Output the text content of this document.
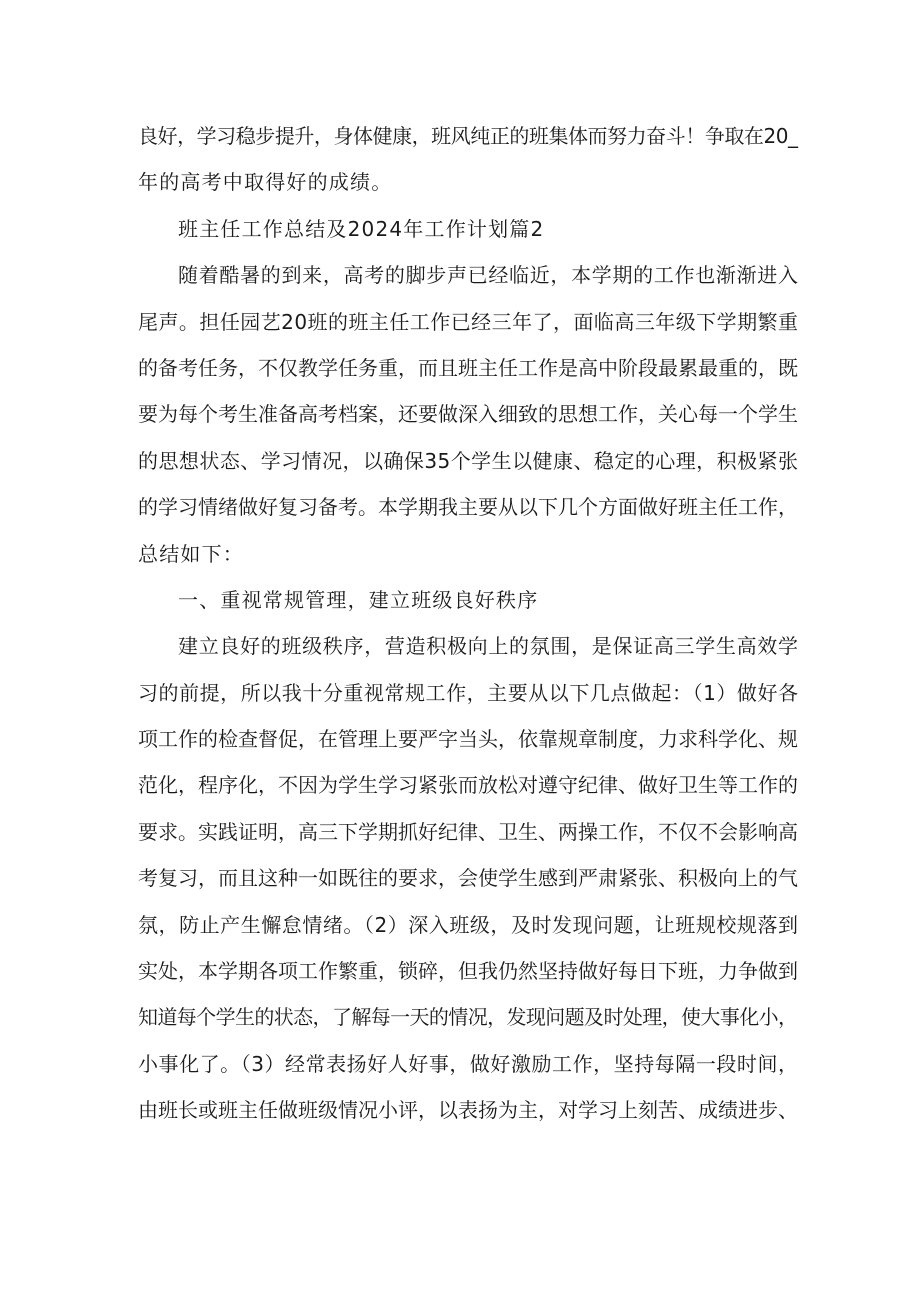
良好，学习稳步提升，身体健康，班风纯正的班集体而努力奋斗！争取在20_
年的高考中取得好的成绩。
班主任工作总结及2024年工作计划篇2
随着酷暑的到来，高考的脚步声已经临近，本学期的工作也渐渐进入
尾声。担任园艺20班的班主任工作已经三年了，面临高三年级下学期繁重
的备考任务，不仅教学任务重，而且班主任工作是高中阶段最累最重的，既
要为每个考生准备高考档案，还要做深入细致的思想工作，关心每一个学生
的思想状态、学习情况，以确保35个学生以健康、稳定的心理，积极紧张
的学习情绪做好复习备考。本学期我主要从以下几个方面做好班主任工作，
总结如下：
一、重视常规管理，建立班级良好秩序
建立良好的班级秩序，营造积极向上的氛围，是保证高三学生高效学
习的前提，所以我十分重视常规工作，主要从以下几点做起：（1）做好各
项工作的检查督促，在管理上要严字当头，依靠规章制度，力求科学化、规
范化，程序化，不因为学生学习紧张而放松对遵守纪律、做好卫生等工作的
要求。实践证明，高三下学期抓好纪律、卫生、两操工作，不仅不会影响高
考复习，而且这种一如既往的要求，会使学生感到严肃紧张、积极向上的气
氛，防止产生懈怠情绪。（2）深入班级，及时发现问题，让班规校规落到
实处，本学期各项工作繁重，锁碎，但我仍然坚持做好每日下班，力争做到
知道每个学生的状态，了解每一天的情况，发现问题及时处理，使大事化小，
小事化了。（3）经常表扬好人好事，做好激励工作，坚持每隔一段时间，
由班长或班主任做班级情况小评，以表扬为主，对学习上刻苦、成绩进步、
